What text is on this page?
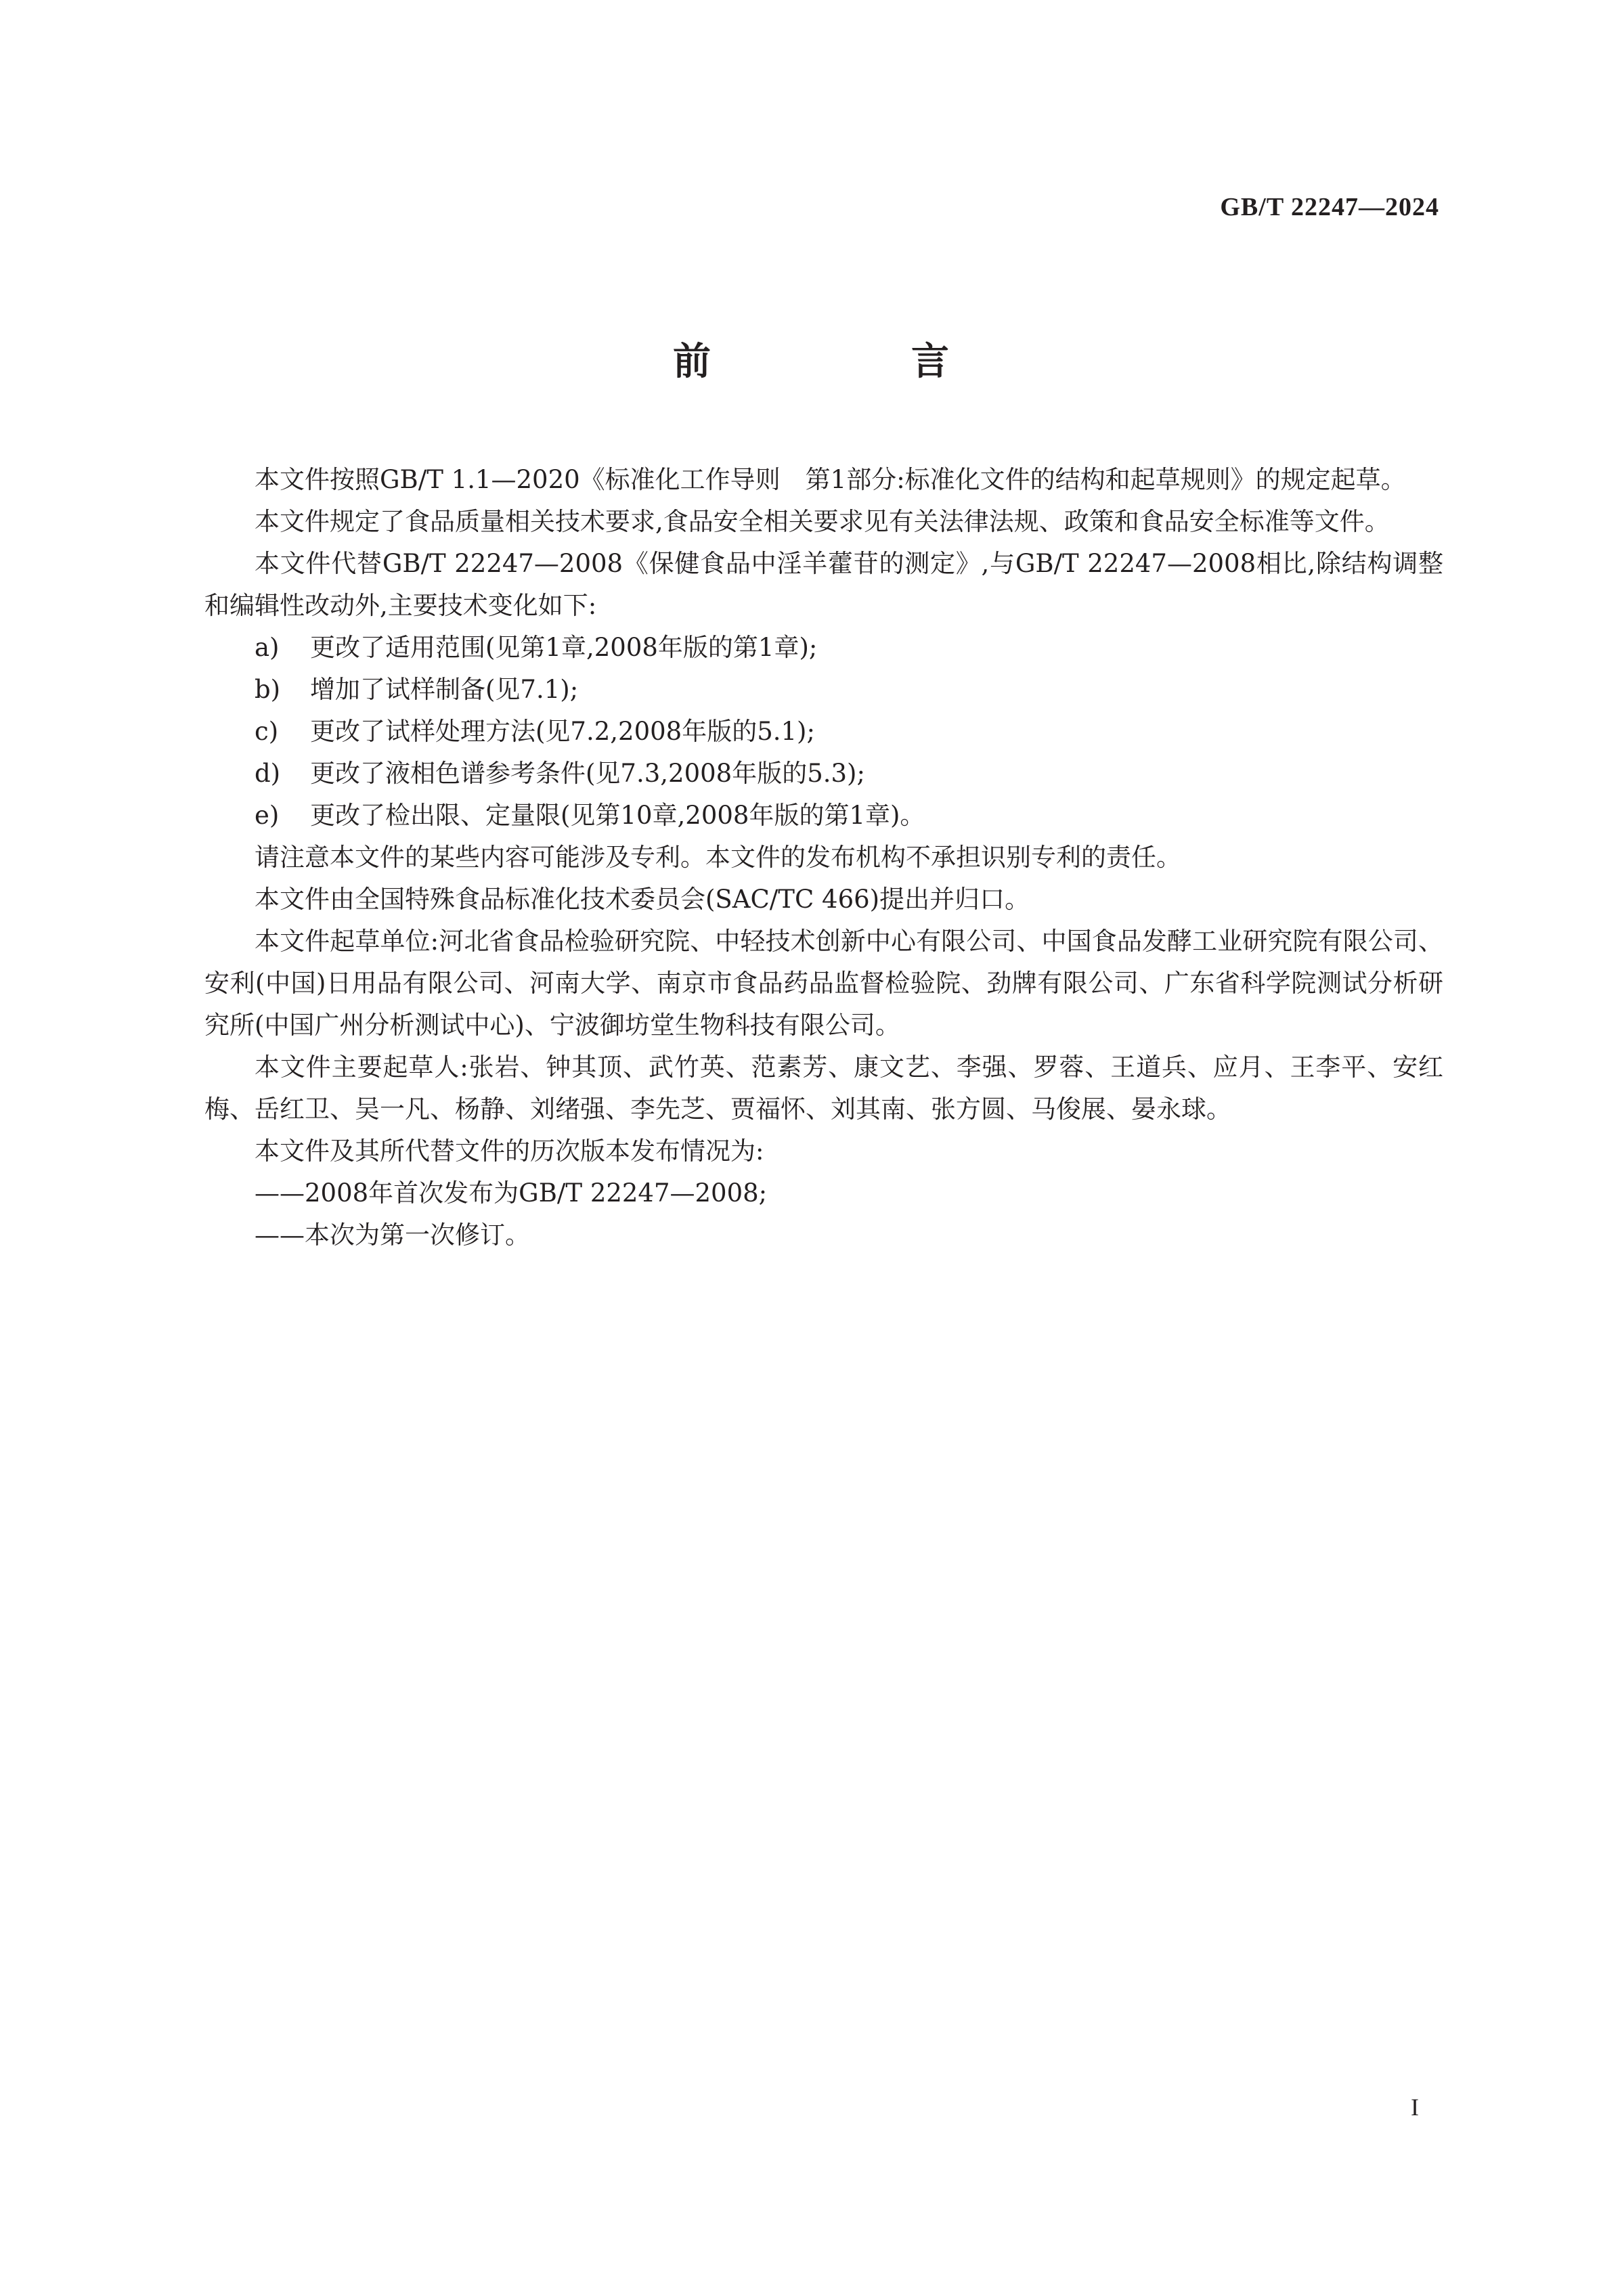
GB/T 22247—2024
前　言

本文件按照GB/T 1.1—2020《标准化工作导则　第1部分:标准化文件的结构和起草规则》的规定起草。

本文件规定了食品质量相关技术要求,食品安全相关要求见有关法律法规、政策和食品安全标准等文件。

本文件代替GB/T 22247—2008《保健食品中淫羊藿苷的测定》,与GB/T 22247—2008相比,除结构调整和编辑性改动外,主要技术变化如下:

a) 更改了适用范围(见第1章,2008年版的第1章);

b) 增加了试样制备(见7.1);

c) 更改了试样处理方法(见7.2,2008年版的5.1);

d) 更改了液相色谱参考条件(见7.3,2008年版的5.3);

e) 更改了检出限、定量限(见第10章,2008年版的第1章)。

请注意本文件的某些内容可能涉及专利。本文件的发布机构不承担识别专利的责任。

本文件由全国特殊食品标准化技术委员会(SAC/TC 466)提出并归口。

本文件起草单位:河北省食品检验研究院、中轻技术创新中心有限公司、中国食品发酵工业研究院有限公司、安利(中国)日用品有限公司、河南大学、南京市食品药品监督检验院、劲牌有限公司、广东省科学院测试分析研究所(中国广州分析测试中心)、宁波御坊堂生物科技有限公司。

本文件主要起草人:张岩、钟其顶、武竹英、范素芳、康文艺、李强、罗蓉、王道兵、应月、王李平、安红梅、岳红卫、吴一凡、杨静、刘绪强、李先芝、贾福怀、刘其南、张方圆、马俊展、晏永球。

本文件及其所代替文件的历次版本发布情况为:

——2008年首次发布为GB/T 22247—2008;

——本次为第一次修订。

I
